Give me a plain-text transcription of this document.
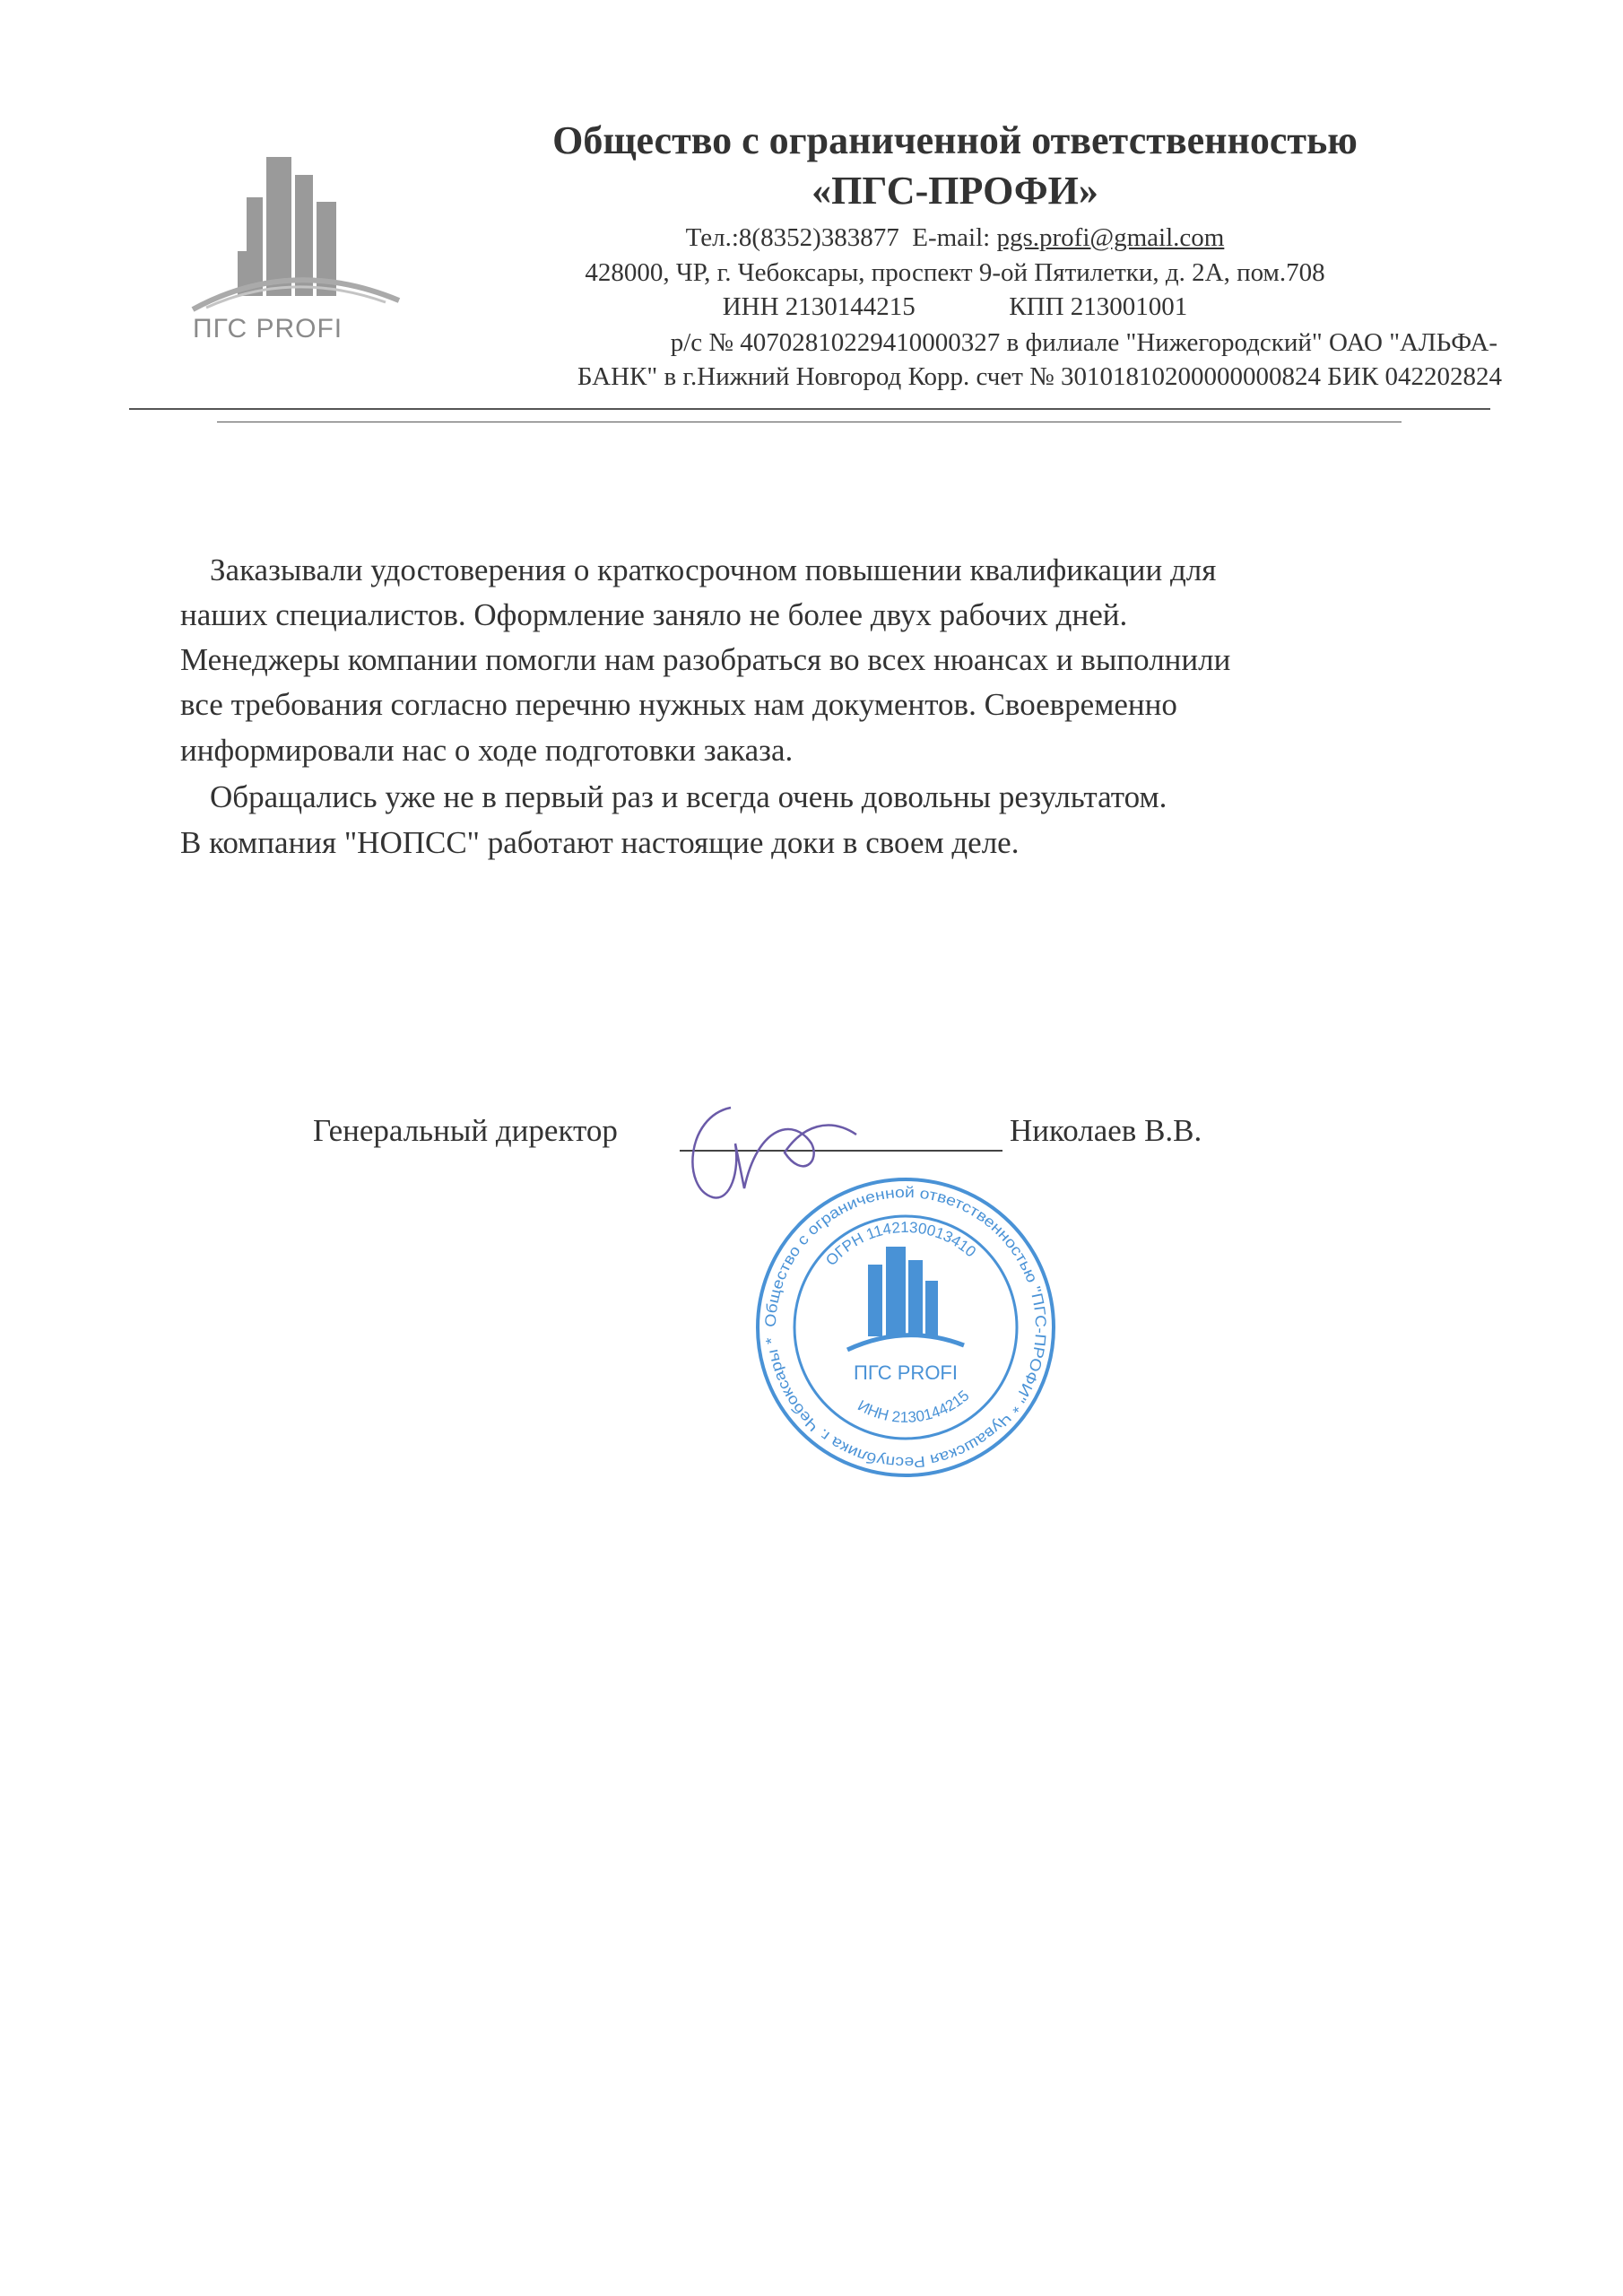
ПГС PROFI
Общество с ограниченной ответственностью
«ПГС-ПРОФИ»
Тел.:8(8352)383877 E-mail: pgs.profi@gmail.com
428000, ЧР, г. Чебоксары, проспект 9-ой Пятилетки, д. 2А, пом.708
ИНН 2130144215	КПП 213001001
р/с № 40702810229410000327 в филиале "Нижегородский" ОАО "АЛЬФА-
БАНК" в г.Нижний Новгород Корр. счет № 30101810200000000824 БИК 042202824
Заказывали удостоверения о краткосрочном повышении квалификации для
наших специалистов. Оформление заняло не более двух рабочих дней.
Менеджеры компании помогли нам разобраться во всех нюансах и выполнили
все требования согласно перечню нужных нам документов. Своевременно
информировали нас о ходе подготовки заказа.
Обращались уже не в первый раз и всегда очень довольны результатом.
В компания "НОПСС" работают настоящие доки в своем деле.
Генеральный директор	Николаев В.В.
Общество с ограниченной ответственностью "ПГС-ПРОФИ" * Чувашская Республика г. Чебоксары *
ОГРН 1142130013410
ИНН 2130144215
ПГС PROFI
